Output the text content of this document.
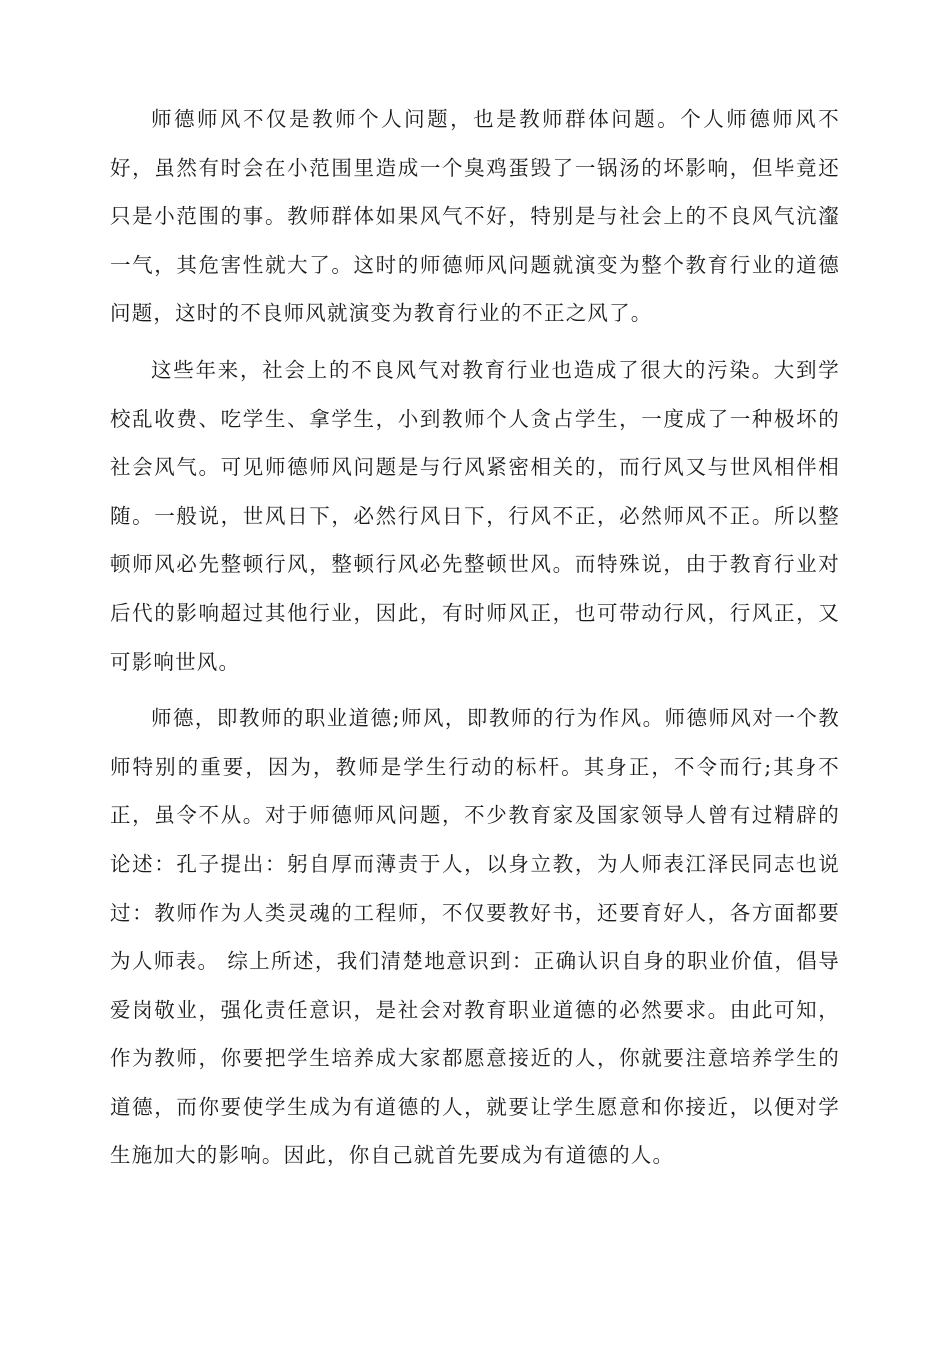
师德师风不仅是教师个人问题，也是教师群体问题。个人师德师风不好，虽然有时会在小范围里造成一个臭鸡蛋毁了一锅汤的坏影响，但毕竟还只是小范围的事。教师群体如果风气不好，特别是与社会上的不良风气沆瀣一气，其危害性就大了。这时的师德师风问题就演变为整个教育行业的道德问题，这时的不良师风就演变为教育行业的不正之风了。

这些年来，社会上的不良风气对教育行业也造成了很大的污染。大到学校乱收费、吃学生、拿学生，小到教师个人贪占学生，一度成了一种极坏的社会风气。可见师德师风问题是与行风紧密相关的，而行风又与世风相伴相随。一般说，世风日下，必然行风日下，行风不正，必然师风不正。所以整顿师风必先整顿行风，整顿行风必先整顿世风。而特殊说，由于教育行业对后代的影响超过其他行业，因此，有时师风正，也可带动行风，行风正，又可影响世风。

师德，即教师的职业道德;师风，即教师的行为作风。师德师风对一个教师特别的重要，因为，教师是学生行动的标杆。其身正，不令而行;其身不正，虽令不从。对于师德师风问题，不少教育家及国家领导人曾有过精辟的论述：孔子提出：躬自厚而薄责于人，以身立教，为人师表江泽民同志也说过：教师作为人类灵魂的工程师，不仅要教好书，还要育好人，各方面都要为人师表。 综上所述，我们清楚地意识到：正确认识自身的职业价值，倡导爱岗敬业，强化责任意识，是社会对教育职业道德的必然要求。由此可知，作为教师，你要把学生培养成大家都愿意接近的人，你就要注意培养学生的道德，而你要使学生成为有道德的人，就要让学生愿意和你接近，以便对学生施加大的影响。因此，你自己就首先要成为有道德的人。
